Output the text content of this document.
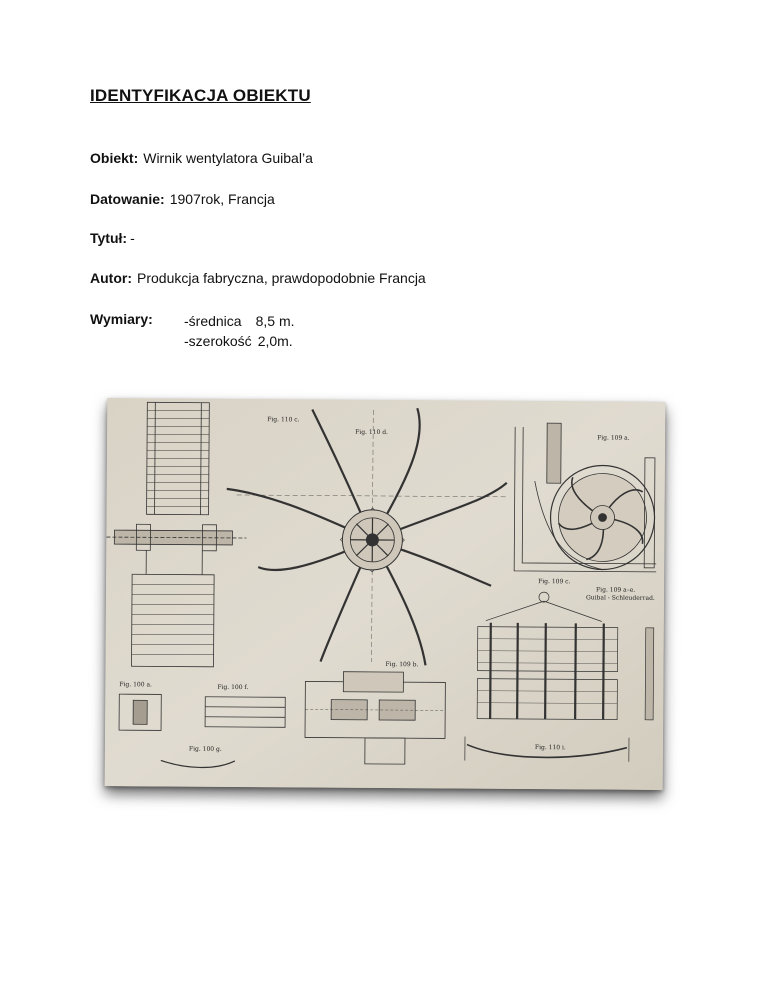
IDENTYFIKACJA OBIEKTU
Obiekt: Wirnik wentylatora Guibal’a
Datowanie: 1907rok, Francja
Tytuł: -
Autor: Produkcja fabryczna, prawdopodobnie Francja
Wymiary: -średnica 8,5 m.
-szerokość 2,0m.
Fig. 110 c.
Fig. 110 d.
Fig. 109 a.
Fig. 109 c.
Fig. 109 a–e.
Guibal - Schleuderrad.
Fig. 109 b.
Fig. 100 a.	Fig. 100 f.
Fig. 100 g.	Fig. 110 i.
